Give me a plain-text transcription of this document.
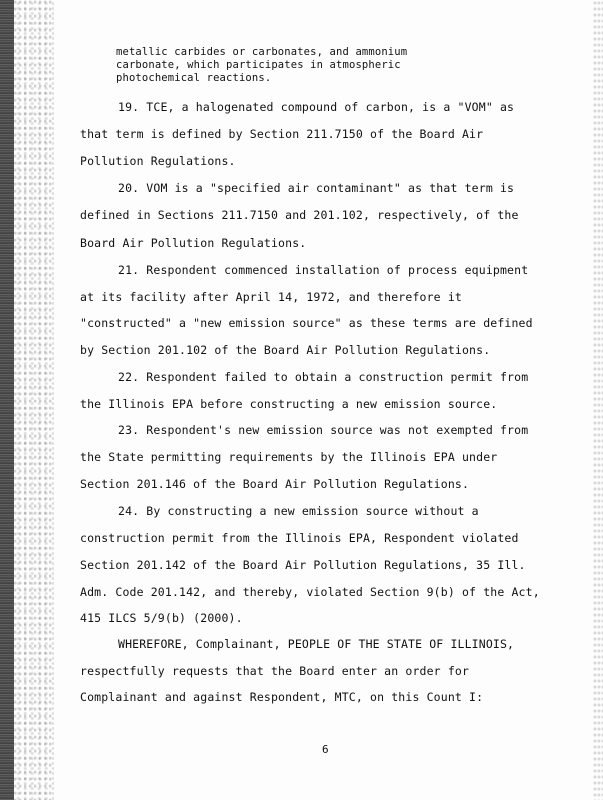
metallic carbides or carbonates, and ammonium
carbonate, which participates in atmospheric
photochemical reactions.
19. TCE, a halogenated compound of carbon, is a "VOM" as
that term is defined by Section 211.7150 of the Board Air
Pollution Regulations.
20. VOM is a "specified air contaminant" as that term is
defined in Sections 211.7150 and 201.102, respectively, of the
Board Air Pollution Regulations.
21. Respondent commenced installation of process equipment
at its facility after April 14, 1972, and therefore it
"constructed" a "new emission source" as these terms are defined
by Section 201.102 of the Board Air Pollution Regulations.
22. Respondent failed to obtain a construction permit from
the Illinois EPA before constructing a new emission source.
23. Respondent's new emission source was not exempted from
the State permitting requirements by the Illinois EPA under
Section 201.146 of the Board Air Pollution Regulations.
24. By constructing a new emission source without a
construction permit from the Illinois EPA, Respondent violated
Section 201.142 of the Board Air Pollution Regulations, 35 Ill.
Adm. Code 201.142, and thereby, violated Section 9(b) of the Act,
415 ILCS 5/9(b) (2000).
WHEREFORE, Complainant, PEOPLE OF THE STATE OF ILLINOIS,
respectfully requests that the Board enter an order for
Complainant and against Respondent, MTC, on this Count I:
6
